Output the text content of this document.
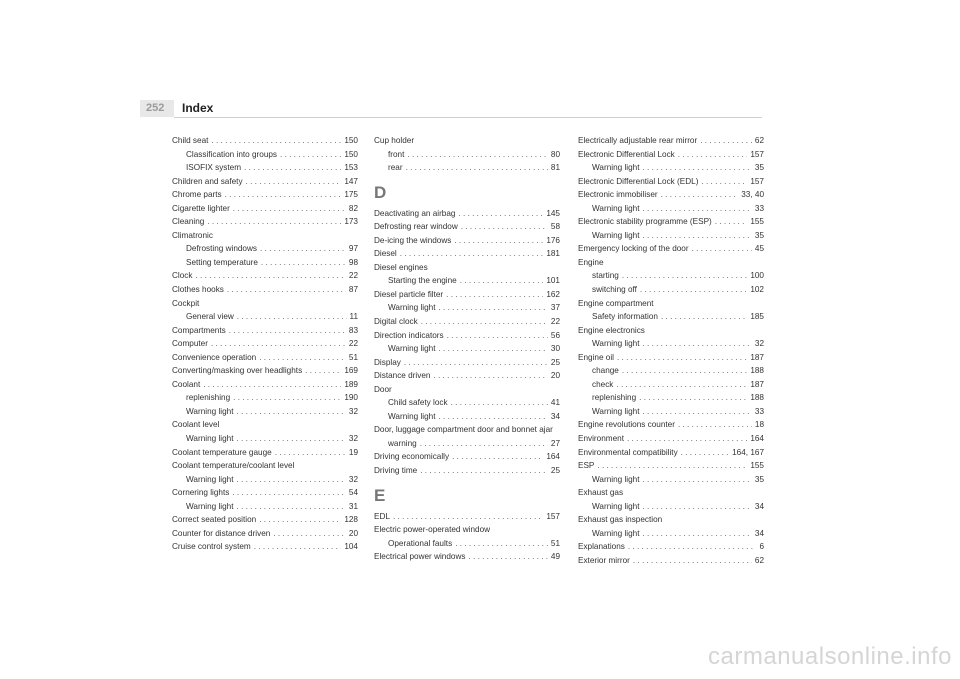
252	Index
Child seat . . .	150
Classification into groups . . .	150
ISOFIX system . . .	153
Children and safety . . .	147
Chrome parts . . .	175
Cigarette lighter . . .	82
Cleaning . . .	173
Climatronic
Defrosting windows . . .	97
Setting temperature . . .	98
Clock . . .	22
Clothes hooks . . .	87
Cockpit
General view . . .	11
Compartments . . .	83
Computer . . .	22
Convenience operation . . .	51
Converting/masking over headlights . . .	169
Coolant . . .	189
replenishing . . .	190
Warning light . . .	32
Coolant level
Warning light . . .	32
Coolant temperature gauge . . .	19
Coolant temperature/coolant level
Warning light . . .	32
Cornering lights . . .	54
Warning light . . .	31
Correct seated position . . .	128
Counter for distance driven . . .	20
Cruise control system . . .	104
Cup holder
front . . .	80
rear . . .	81
D
Deactivating an airbag . . .	145
Defrosting rear window . . .	58
De-icing the windows . . .	176
Diesel . . .	181
Diesel engines
Starting the engine . . .	101
Diesel particle filter . . .	162
Warning light . . .	37
Digital clock . . .	22
Direction indicators . . .	56
Warning light . . .	30
Display . . .	25
Distance driven . . .	20
Door
Child safety lock . . .	41
Warning light . . .	34
Door, luggage compartment door and bonnet ajar
warning . . .	27
Driving economically . . .	164
Driving time . . .	25
E
EDL . . .	157
Electric power-operated window
Operational faults . . .	51
Electrical power windows . . .	49
Electrically adjustable rear mirror . . .	62
Electronic Differential Lock . . .	157
Warning light . . .	35
Electronic Differential Lock (EDL) . . .	157
Electronic immobiliser . . .	33, 40
Warning light . . .	33
Electronic stability programme (ESP) . . .	155
Warning light . . .	35
Emergency locking of the door . . .	45
Engine
starting . . .	100
switching off . . .	102
Engine compartment
Safety information . . .	185
Engine electronics
Warning light . . .	32
Engine oil . . .	187
change . . .	188
check . . .	187
replenishing . . .	188
Warning light . . .	33
Engine revolutions counter . . .	18
Environment . . .	164
Environmental compatibility . . .	164, 167
ESP . . .	155
Warning light . . .	35
Exhaust gas
Warning light . . .	34
Exhaust gas inspection
Warning light . . .	34
Explanations . . .	6
Exterior mirror . . .	62
carmanualsonline.info
